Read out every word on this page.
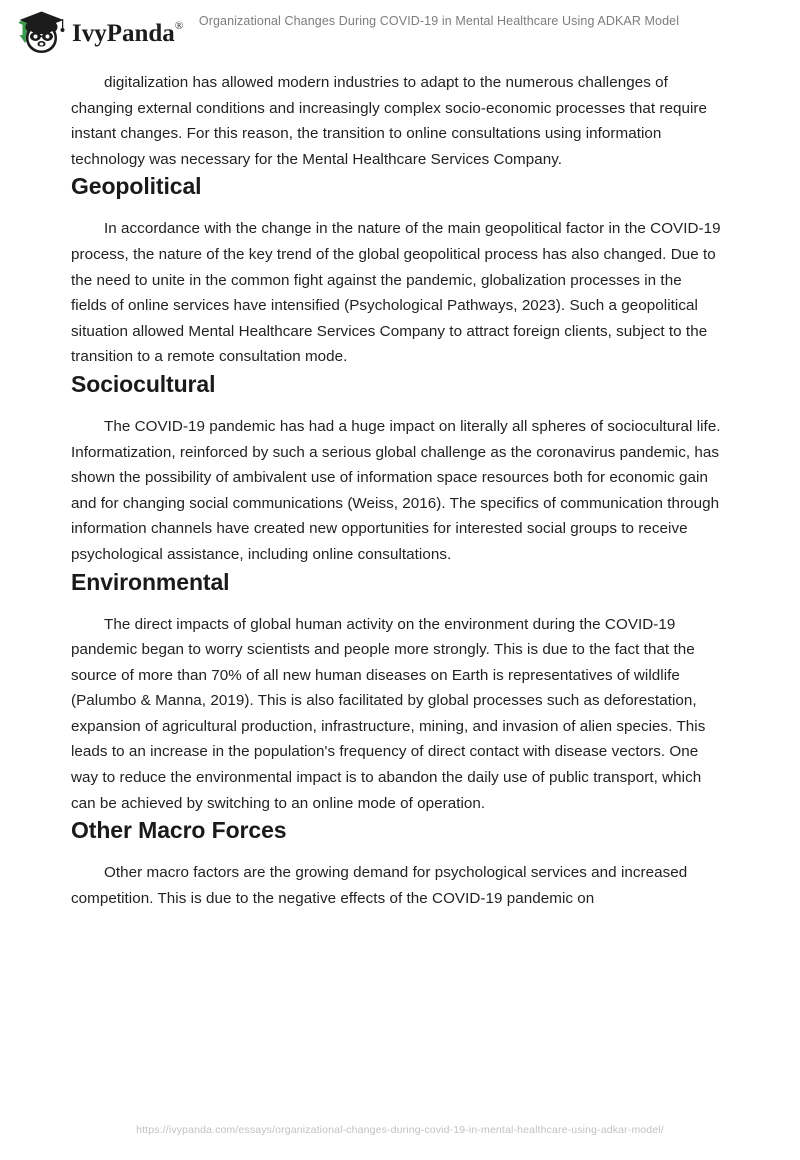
IvyPanda®	Organizational Changes During COVID-19 in Mental Healthcare Using ADKAR Model

digitalization has allowed modern industries to adapt to the numerous challenges of changing external conditions and increasingly complex socio-economic processes that require instant changes. For this reason, the transition to online consultations using information technology was necessary for the Mental Healthcare Services Company.

Geopolitical

In accordance with the change in the nature of the main geopolitical factor in the COVID-19 process, the nature of the key trend of the global geopolitical process has also changed. Due to the need to unite in the common fight against the pandemic, globalization processes in the fields of online services have intensified (Psychological Pathways, 2023). Such a geopolitical situation allowed Mental Healthcare Services Company to attract foreign clients, subject to the transition to a remote consultation mode.

Sociocultural

The COVID-19 pandemic has had a huge impact on literally all spheres of sociocultural life. Informatization, reinforced by such a serious global challenge as the coronavirus pandemic, has shown the possibility of ambivalent use of information space resources both for economic gain and for changing social communications (Weiss, 2016). The specifics of communication through information channels have created new opportunities for interested social groups to receive psychological assistance, including online consultations.

Environmental

The direct impacts of global human activity on the environment during the COVID-19 pandemic began to worry scientists and people more strongly. This is due to the fact that the source of more than 70% of all new human diseases on Earth is representatives of wildlife (Palumbo & Manna, 2019). This is also facilitated by global processes such as deforestation, expansion of agricultural production, infrastructure, mining, and invasion of alien species. This leads to an increase in the population's frequency of direct contact with disease vectors. One way to reduce the environmental impact is to abandon the daily use of public transport, which can be achieved by switching to an online mode of operation.

Other Macro Forces

Other macro factors are the growing demand for psychological services and increased competition. This is due to the negative effects of the COVID-19 pandemic on

https://ivypanda.com/essays/organizational-changes-during-covid-19-in-mental-healthcare-using-adkar-model/
